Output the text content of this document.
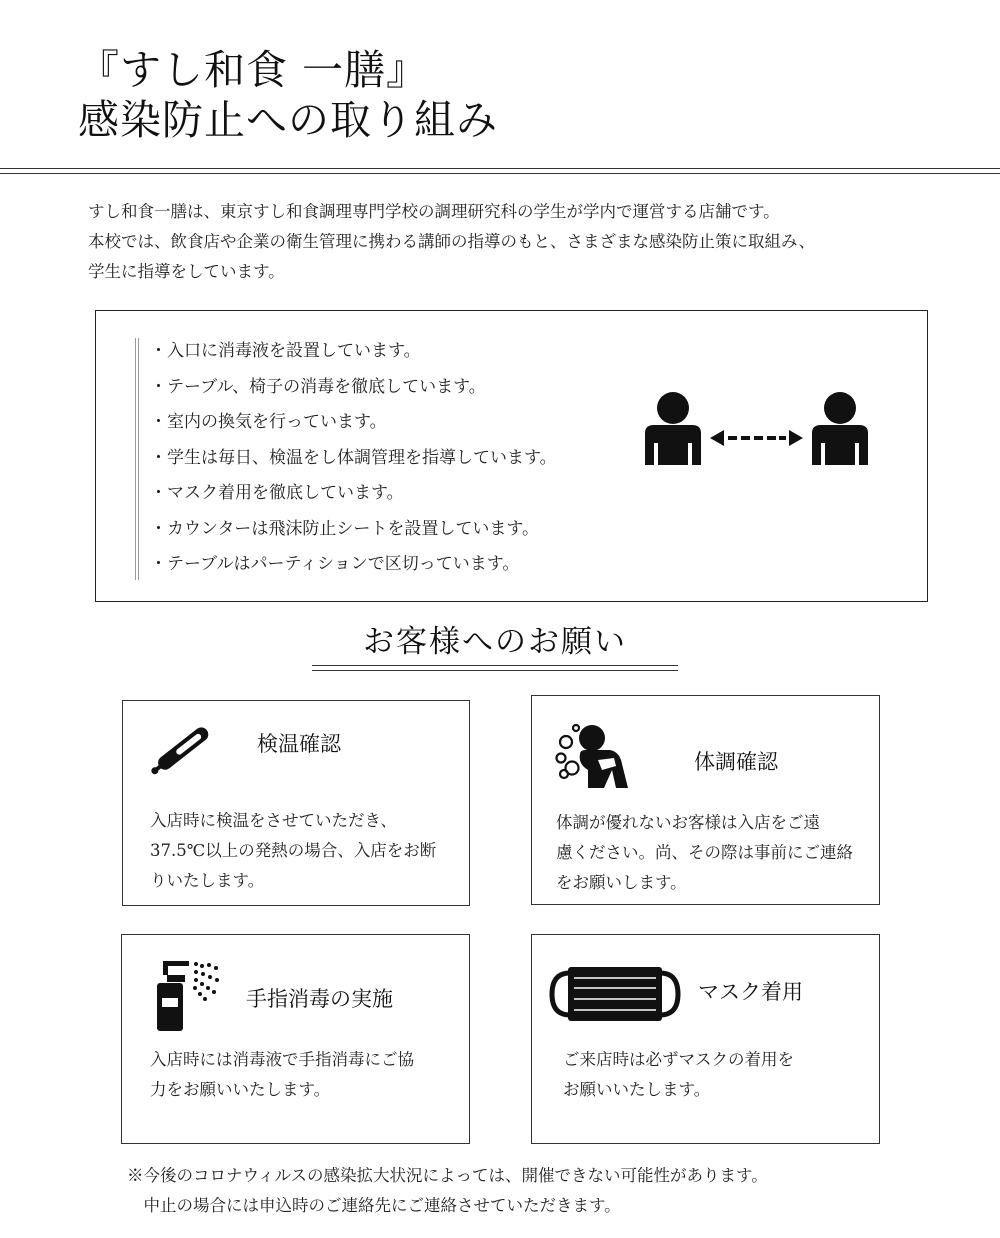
『すし和食 一膳』
感染防止への取り組み
すし和食一膳は、東京すし和食調理専門学校の調理研究科の学生が学内で運営する店舗です。
本校では、飲食店や企業の衛生管理に携わる講師の指導のもと、さまざまな感染防止策に取組み、
学生に指導をしています。
・入口に消毒液を設置しています。
・テーブル、椅子の消毒を徹底しています。
・室内の換気を行っています。
・学生は毎日、検温をし体調管理を指導しています。
・マスク着用を徹底しています。
・カウンターは飛沫防止シートを設置しています。
・テーブルはパーティションで区切っています。
お客様へのお願い
検温確認
入店時に検温をさせていただき、
37.5℃以上の発熱の場合、入店をお断
りいたします。
体調確認
体調が優れないお客様は入店をご遠
慮ください。尚、その際は事前にご連絡
をお願いします。
手指消毒の実施
入店時には消毒液で手指消毒にご協
力をお願いいたします。
マスク着用
ご来店時は必ずマスクの着用を
お願いいたします。
※今後のコロナウィルスの感染拡大状況によっては、開催できない可能性があります。
　中止の場合には申込時のご連絡先にご連絡させていただきます。
